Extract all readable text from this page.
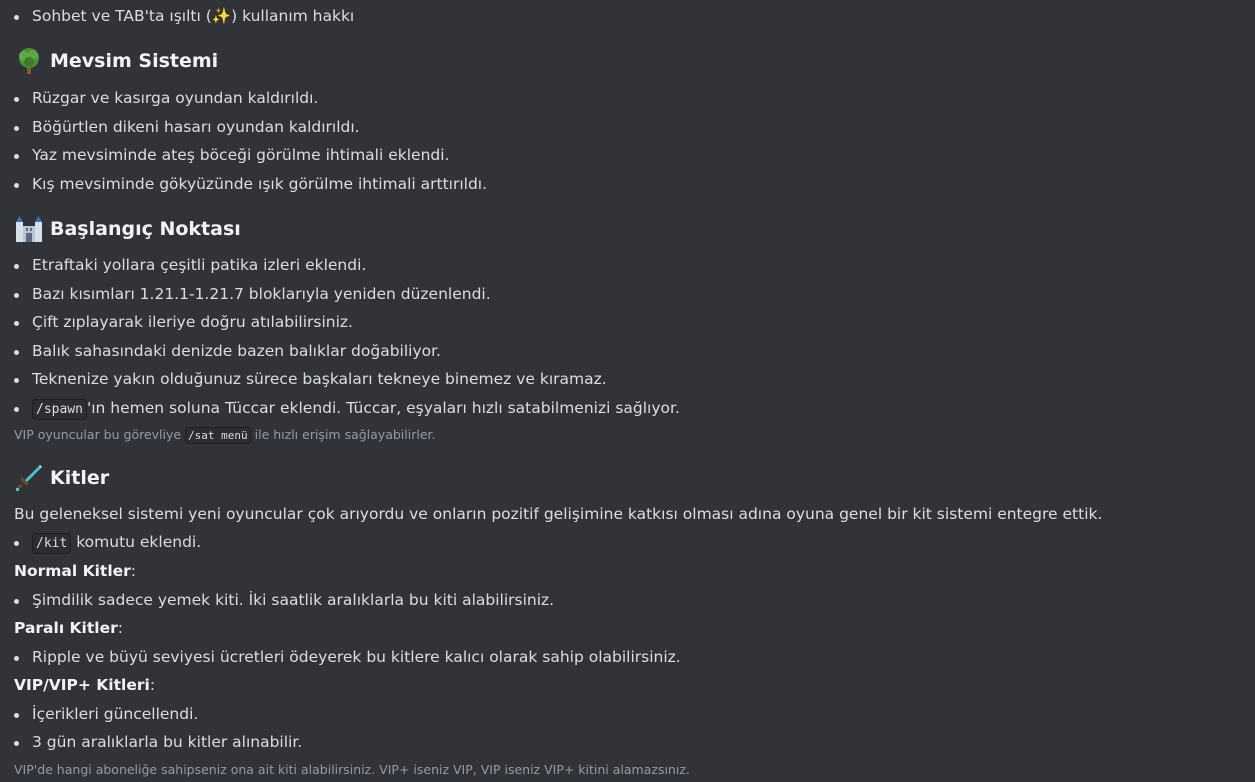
Sohbet ve TAB'ta ışıltı (✨) kullanım hakkı
Mevsim Sistemi
Rüzgar ve kasırga oyundan kaldırıldı.
Böğürtlen dikeni hasarı oyundan kaldırıldı.
Yaz mevsiminde ateş böceği görülme ihtimali eklendi.
Kış mevsiminde gökyüzünde ışık görülme ihtimali arttırıldı.
Başlangıç Noktası
Etraftaki yollara çeşitli patika izleri eklendi.
Bazı kısımları 1.21.1-1.21.7 bloklarıyla yeniden düzenlendi.
Çift zıplayarak ileriye doğru atılabilirsiniz.
Balık sahasındaki denizde bazen balıklar doğabiliyor.
Teknenize yakın olduğunuz sürece başkaları tekneye binemez ve kıramaz.
/spawn 'ın hemen soluna Tüccar eklendi. Tüccar, eşyaları hızlı satabilmenizi sağlıyor.
VIP oyuncular bu görevliye /sat menü ile hızlı erişim sağlayabilirler.
Kitler
Bu geleneksel sistemi yeni oyuncular çok arıyordu ve onların pozitif gelişimine katkısı olması adına oyuna genel bir kit sistemi entegre ettik.
/kit komutu eklendi.
Normal Kitler:
Şimdilik sadece yemek kiti. İki saatlik aralıklarla bu kiti alabilirsiniz.
Paralı Kitler:
Ripple ve büyü seviyesi ücretleri ödeyerek bu kitlere kalıcı olarak sahip olabilirsiniz.
VIP/VIP+ Kitleri:
İçerikleri güncellendi.
3 gün aralıklarla bu kitler alınabilir.
VIP'de hangi aboneliğe sahipseniz ona ait kiti alabilirsiniz. VIP+ iseniz VIP, VIP iseniz VIP+ kitini alamazsınız.
